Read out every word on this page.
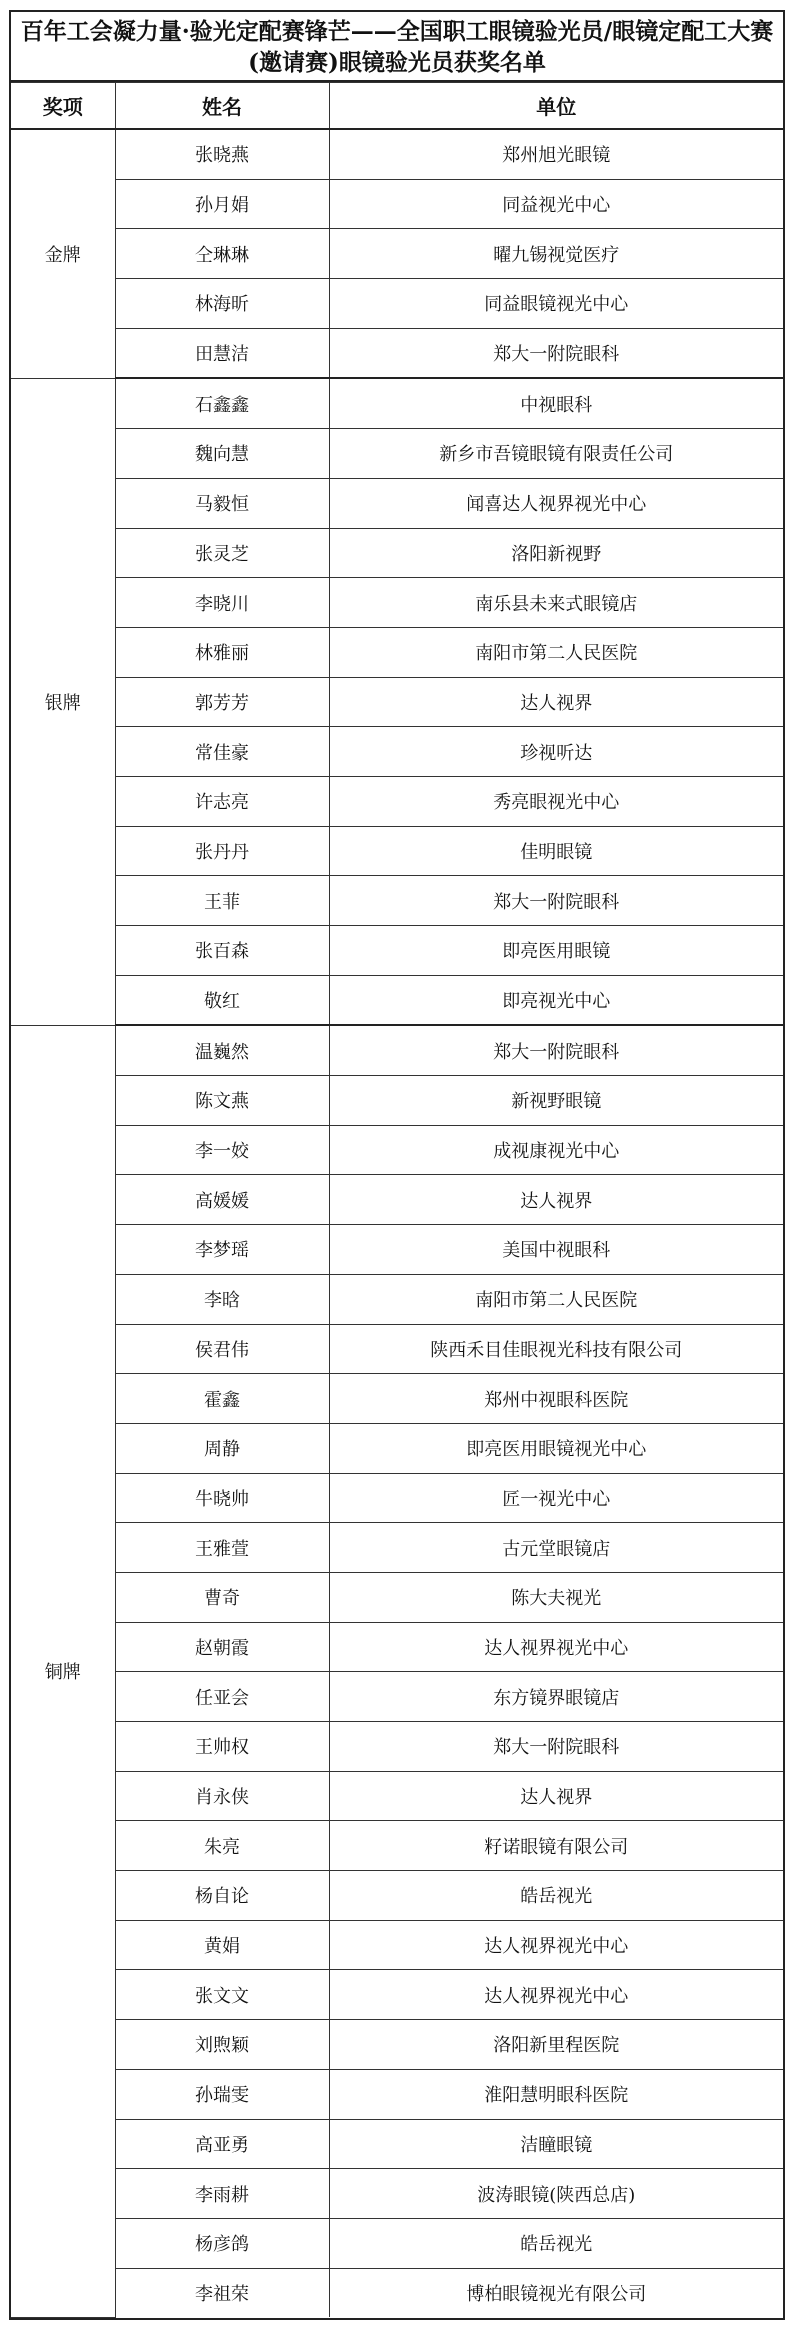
百年工会凝力量·验光定配赛锋芒——全国职工眼镜验光员/眼镜定配工大赛(邀请赛)眼镜验光员获奖名单
奖项	姓名	单位
金牌	张晓燕	郑州旭光眼镜
	孙月娟	同益视光中心
	仝琳琳	曜九锡视觉医疗
	林海昕	同益眼镜视光中心
	田慧洁	郑大一附院眼科
银牌	石鑫鑫	中视眼科
	魏向慧	新乡市吾镜眼镜有限责任公司
	马毅恒	闻喜达人视界视光中心
	张灵芝	洛阳新视野
	李晓川	南乐县未来式眼镜店
	林雅丽	南阳市第二人民医院
	郭芳芳	达人视界
	常佳豪	珍视听达
	许志亮	秀亮眼视光中心
	张丹丹	佳明眼镜
	王菲	郑大一附院眼科
	张百森	即亮医用眼镜
	敬红	即亮视光中心
铜牌	温巍然	郑大一附院眼科
	陈文燕	新视野眼镜
	李一姣	成视康视光中心
	高媛媛	达人视界
	李梦瑶	美国中视眼科
	李晗	南阳市第二人民医院
	侯君伟	陕西禾目佳眼视光科技有限公司
	霍鑫	郑州中视眼科医院
	周静	即亮医用眼镜视光中心
	牛晓帅	匠一视光中心
	王雅萱	古元堂眼镜店
	曹奇	陈大夫视光
	赵朝霞	达人视界视光中心
	任亚会	东方镜界眼镜店
	王帅权	郑大一附院眼科
	肖永侠	达人视界
	朱亮	籽诺眼镜有限公司
	杨自论	皓岳视光
	黄娟	达人视界视光中心
	张文文	达人视界视光中心
	刘煦颖	洛阳新里程医院
	孙瑞雯	淮阳慧明眼科医院
	高亚勇	洁瞳眼镜
	李雨耕	波涛眼镜(陕西总店)
	杨彦鸽	皓岳视光
	李祖荣	博柏眼镜视光有限公司
